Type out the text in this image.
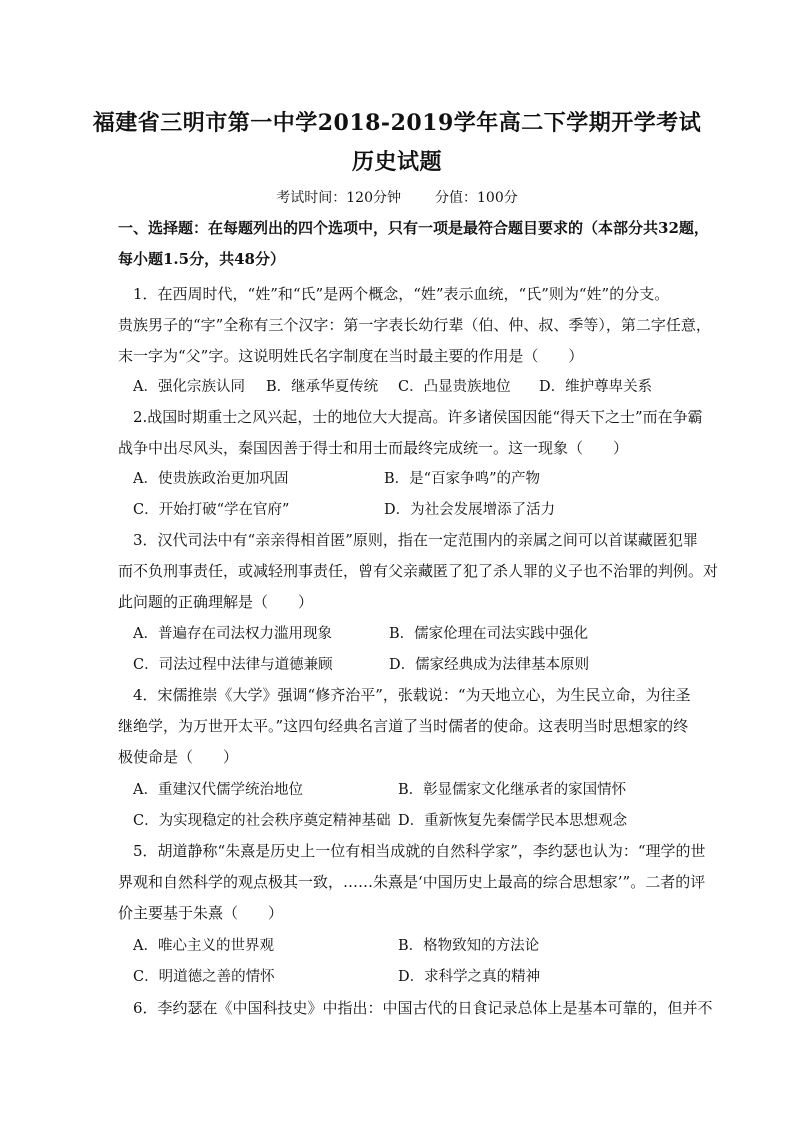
福建省三明市第一中学2018-2019学年高二下学期开学考试
历史试题
考试时间：120分钟 分值：100分
一、选择题：在每题列出的四个选项中，只有一项是最符合题目要求的（本部分共32题，
每小题1.5分，共48分）
1．在西周时代，“姓”和“氏”是两个概念，“姓”表示血统，“氏”则为“姓”的分支。
贵族男子的“字”全称有三个汉字：第一字表长幼行辈（伯、仲、叔、季等），第二字任意，
末一字为“父”字。这说明姓氏名字制度在当时最主要的作用是（　　）
A．强化宗族认同 B．继承华夏传统 C．凸显贵族地位 D．维护尊卑关系
2.战国时期重士之风兴起，士的地位大大提高。许多诸侯国因能“得天下之士”而在争霸
战争中出尽风头，秦国因善于得士和用士而最终完成统一。这一现象（　　）
A．使贵族政治更加巩固	B．是“百家争鸣”的产物
C．开始打破“学在官府”	D．为社会发展增添了活力
3．汉代司法中有“亲亲得相首匿”原则，指在一定范围内的亲属之间可以首谋藏匿犯罪
而不负刑事责任，或减轻刑事责任，曾有父亲藏匿了犯了杀人罪的义子也不治罪的判例。对
此问题的正确理解是（　　）
A．普遍存在司法权力滥用现象	B．儒家伦理在司法实践中强化
C．司法过程中法律与道德兼顾	D．儒家经典成为法律基本原则
4．宋儒推崇《大学》强调“修齐治平”，张载说：“为天地立心，为生民立命，为往圣
继绝学，为万世开太平。”这四句经典名言道了当时儒者的使命。这表明当时思想家的终
极使命是（　　）
A．重建汉代儒学统治地位	B．彰显儒家文化继承者的家国情怀
C．为实现稳定的社会秩序奠定精神基础 D．重新恢复先秦儒学民本思想观念
5．胡道静称“朱熹是历史上一位有相当成就的自然科学家”，李约瑟也认为：“理学的世
界观和自然科学的观点极其一致，……朱熹是‘中国历史上最高的综合思想家’”。二者的评
价主要基于朱熹（　　）
A．唯心主义的世界观	B．格物致知的方法论
C．明道德之善的情怀	D．求科学之真的精神
6．李约瑟在《中国科技史》中指出：中国古代的日食记录总体上是基本可靠的，但并不
